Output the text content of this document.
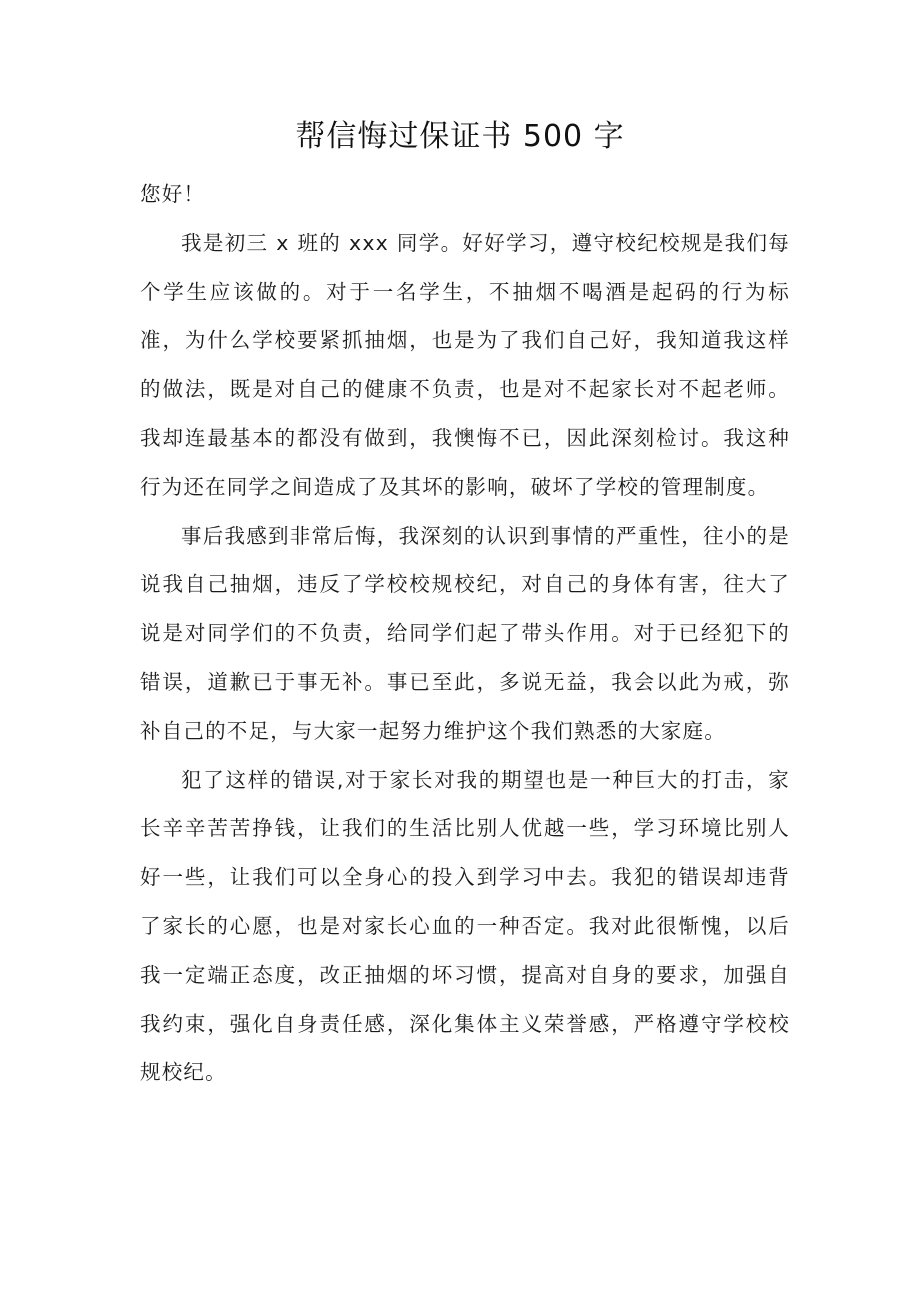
帮信悔过保证书 500 字

您好！

我是初三 x 班的 xxx 同学。好好学习，遵守校纪校规是我们每个学生应该做的。对于一名学生，不抽烟不喝酒是起码的行为标准，为什么学校要紧抓抽烟，也是为了我们自己好，我知道我这样的做法，既是对自己的健康不负责，也是对不起家长对不起老师。我却连最基本的都没有做到，我懊悔不已，因此深刻检讨。我这种行为还在同学之间造成了及其坏的影响，破坏了学校的管理制度。

事后我感到非常后悔，我深刻的认识到事情的严重性，往小的是说我自己抽烟，违反了学校校规校纪，对自己的身体有害，往大了说是对同学们的不负责，给同学们起了带头作用。对于已经犯下的错误，道歉已于事无补。事已至此，多说无益，我会以此为戒，弥补自己的不足，与大家一起努力维护这个我们熟悉的大家庭。

犯了这样的错误,对于家长对我的期望也是一种巨大的打击，家长辛辛苦苦挣钱，让我们的生活比别人优越一些，学习环境比别人好一些，让我们可以全身心的投入到学习中去。我犯的错误却违背了家长的心愿，也是对家长心血的一种否定。我对此很惭愧，以后我一定端正态度，改正抽烟的坏习惯，提高对自身的要求，加强自我约束，强化自身责任感，深化集体主义荣誉感，严格遵守学校校规校纪。
